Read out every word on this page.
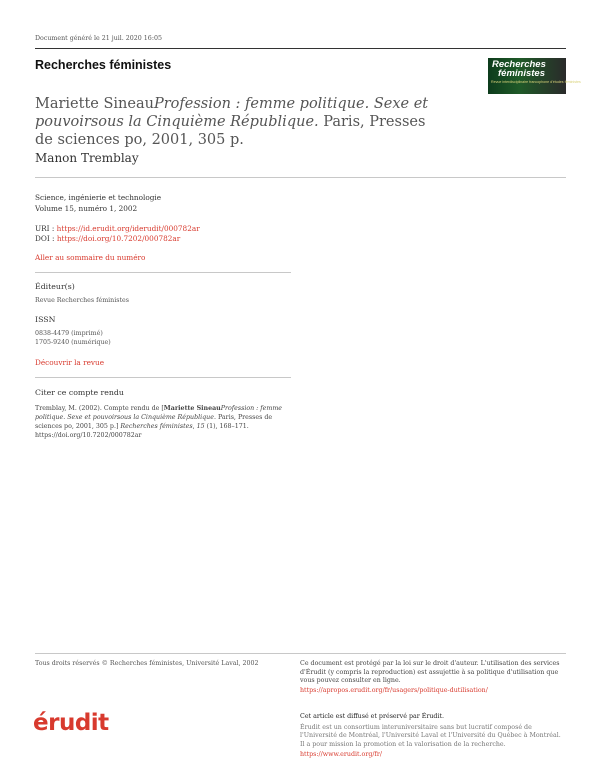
Document généré le 21 juil. 2020 16:05
Recherches féministes	Recherches
féministes
Revue interdisciplinaire francophone d'études féministes
Mariette SineauProfession : femme politique. Sexe et pouvoirsous la Cinquième République. Paris, Presses de sciences po, 2001, 305 p.
Manon Tremblay
Science, ingénierie et technologie
Volume 15, numéro 1, 2002
URI : https://id.erudit.org/iderudit/000782ar
DOI : https://doi.org/10.7202/000782ar
Aller au sommaire du numéro
Éditeur(s)
Revue Recherches féministes
ISSN
0838-4479 (imprimé)
1705-9240 (numérique)
Découvrir la revue
Citer ce compte rendu
Tremblay, M. (2002). Compte rendu de [Mariette SineauProfession : femme politique. Sexe et pouvoirsous la Cinquième République. Paris, Presses de sciences po, 2001, 305 p.] Recherches féministes, 15 (1), 168–171. https://doi.org/10.7202/000782ar
Tous droits réservés © Recherches féministes, Université Laval, 2002	Ce document est protégé par la loi sur le droit d'auteur. L'utilisation des services d'Érudit (y compris la reproduction) est assujettie à sa politique d'utilisation que vous pouvez consulter en ligne.
https://apropos.erudit.org/fr/usagers/politique-dutilisation/
érudit	Cet article est diffusé et préservé par Érudit.
Érudit est un consortium interuniversitaire sans but lucratif composé de l'Université de Montréal, l'Université Laval et l'Université du Québec à Montréal. Il a pour mission la promotion et la valorisation de la recherche.
https://www.erudit.org/fr/
